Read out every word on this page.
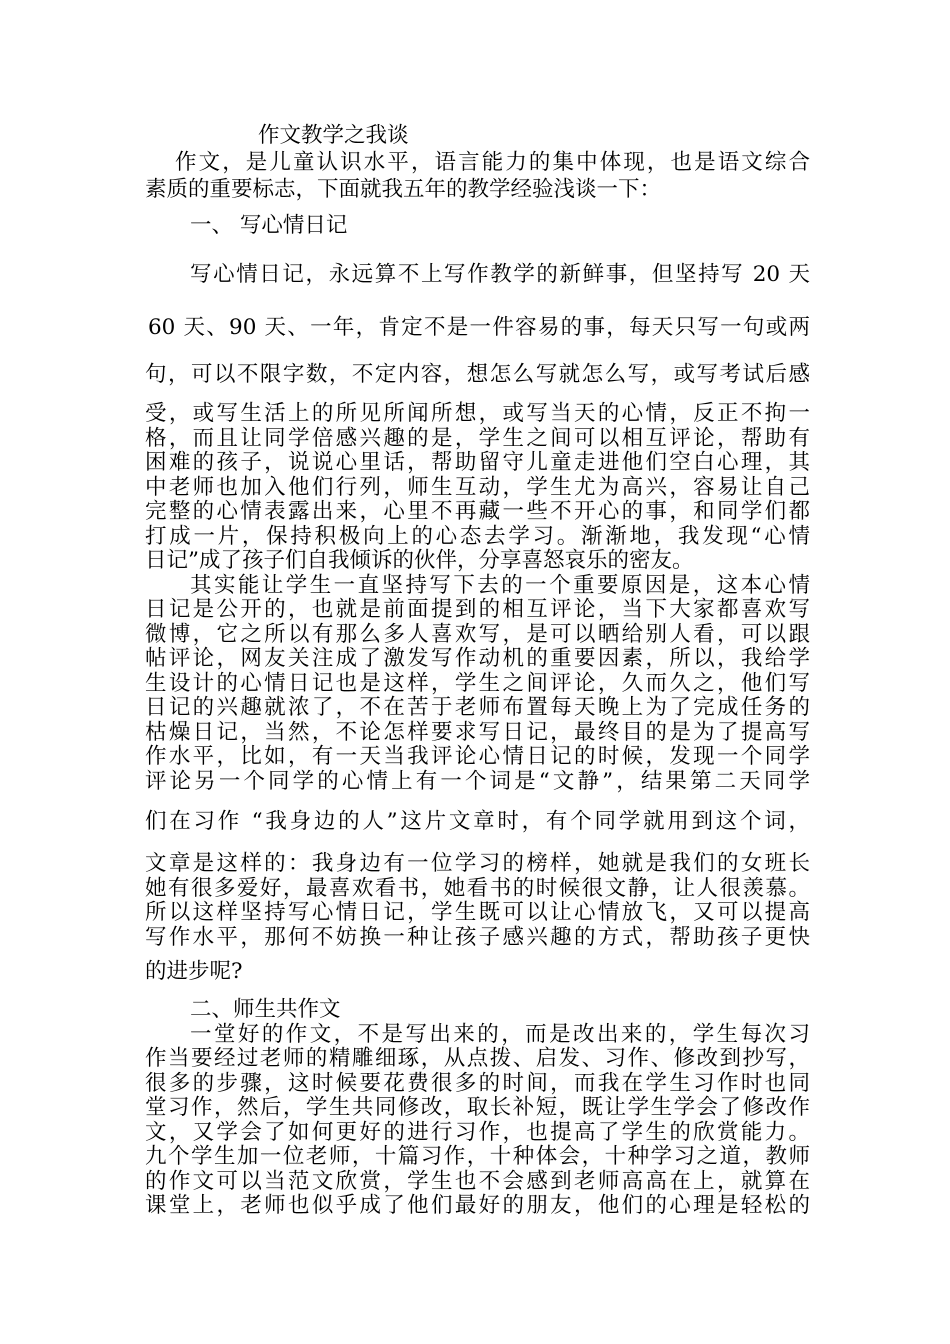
作文教学之我谈
作文，是儿童认识水平，语言能力的集中体现，也是语文综合
素质的重要标志，下面就我五年的教学经验浅谈一下：
一、 写心情日记
写心情日记，永远算不上写作教学的新鲜事，但坚持写 20 天
60 天、90 天、一年，肯定不是一件容易的事，每天只写一句或两
句，可以不限字数，不定内容，想怎么写就怎么写，或写考试后感
受，或写生活上的所见所闻所想，或写当天的心情，反正不拘一
格，而且让同学倍感兴趣的是，学生之间可以相互评论，帮助有
困难的孩子，说说心里话，帮助留守儿童走进他们空白心理，其
中老师也加入他们行列，师生互动，学生尤为高兴，容易让自己
完整的心情表露出来，心里不再藏一些不开心的事，和同学们都
打成一片，保持积极向上的心态去学习。渐渐地，我发现“心情
日记”成了孩子们自我倾诉的伙伴，分享喜怒哀乐的密友。
其实能让学生一直坚持写下去的一个重要原因是，这本心情
日记是公开的，也就是前面提到的相互评论，当下大家都喜欢写
微博，它之所以有那么多人喜欢写，是可以晒给别人看，可以跟
帖评论，网友关注成了激发写作动机的重要因素，所以，我给学
生设计的心情日记也是这样，学生之间评论，久而久之，他们写
日记的兴趣就浓了，不在苦于老师布置每天晚上为了完成任务的
枯燥日记，当然，不论怎样要求写日记，最终目的是为了提高写
作水平，比如，有一天当我评论心情日记的时候，发现一个同学
评论另一个同学的心情上有一个词是“文静”，结果第二天同学
们在习作 “我身边的人”这片文章时，有个同学就用到这个词，
文章是这样的：我身边有一位学习的榜样，她就是我们的女班长
她有很多爱好，最喜欢看书，她看书的时候很文静，让人很羡慕。
所以这样坚持写心情日记，学生既可以让心情放飞，又可以提高
写作水平，那何不妨换一种让孩子感兴趣的方式，帮助孩子更快
的进步呢?
二、师生共作文
一堂好的作文，不是写出来的，而是改出来的，学生每次习
作当要经过老师的精雕细琢，从点拨、启发、习作、修改到抄写，
很多的步骤，这时候要花费很多的时间，而我在学生习作时也同
堂习作，然后，学生共同修改，取长补短，既让学生学会了修改作
文，又学会了如何更好的进行习作，也提高了学生的欣赏能力。
九个学生加一位老师，十篇习作，十种体会，十种学习之道，教师
的作文可以当范文欣赏，学生也不会感到老师高高在上，就算在
课堂上，老师也似乎成了他们最好的朋友，他们的心理是轻松的
